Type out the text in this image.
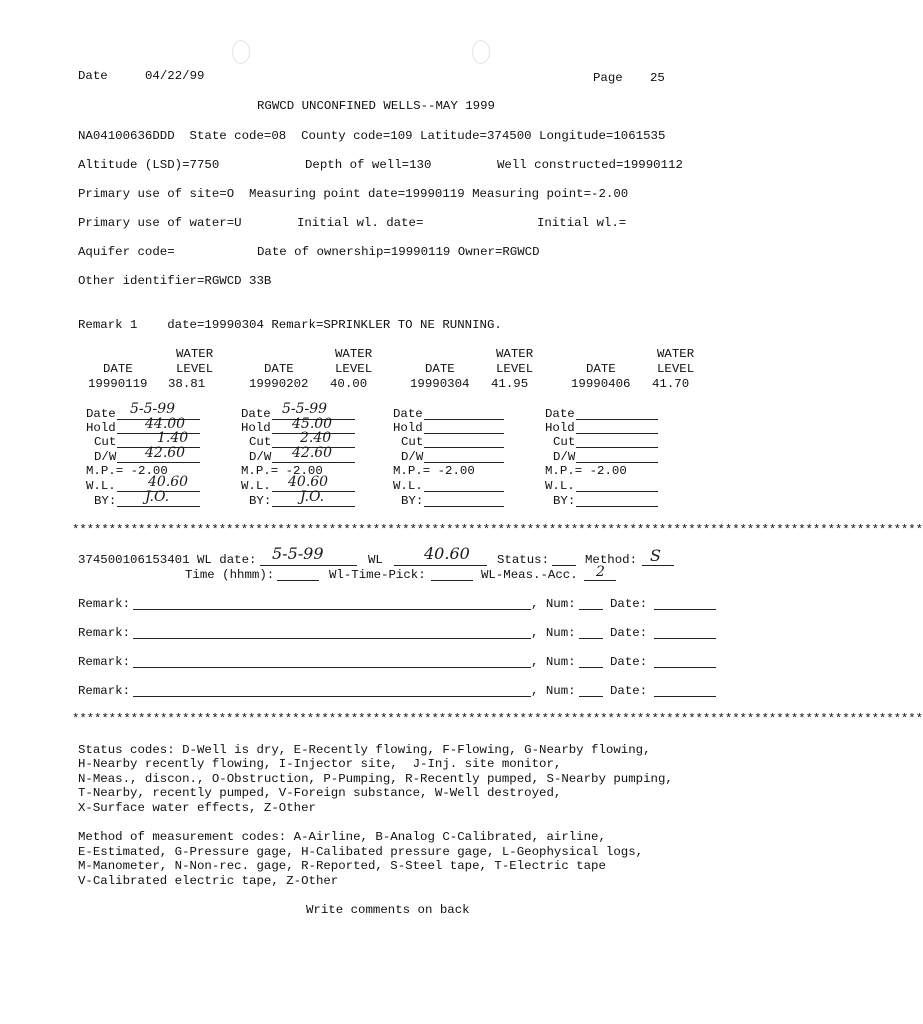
Date	04/22/99	Page 25
RGWCD UNCONFINED WELLS--MAY 1999
NA04100636DDD  State code=08  County code=109 Latitude=374500 Longitude=1061535
Altitude (LSD)=7750	Depth of well=130	Well constructed=19990112
Primary use of site=O  Measuring point date=19990119 Measuring point=-2.00
Primary use of water=U	Initial wl. date=	Initial wl.=
Aquifer code=	Date of ownership=19990119 Owner=RGWCD
Other identifier=RGWCD 33B
Remark 1    date=19990304 Remark=SPRINKLER TO NE RUNNING.
WATER	WATER	WATER	WATER
DATE	LEVEL	DATE	LEVEL	DATE	LEVEL	DATE	LEVEL
19990119 38.81	19990202 40.00	19990304 41.95	19990406 41.70
Date 5-5-99
Hold 44.00
Cut	1.40
D/W 42.60
M.P.= -2.00
W.L. 40.60
BY: J.O.
Date 5-5-99
Hold 45.00
Cut 2.40
D/W 42.60
M.P.= -2.00
W.L. 40.60
BY: J.O.
Date
Hold
Cut
D/W
M.P.= -2.00
W.L.
BY:
Date
Hold
Cut
D/W
M.P.= -2.00
W.L.
BY:
********************************************************************************************************************
374500106153401 WL date: 5-5-99	WL	40.60 Status:	Method: S
Time (hhmm):	Wl-Time-Pick:	WL-Meas.-Acc. 2
Remark:	, Num:	Date:
Remark:	, Num:	Date:
Remark:	, Num:	Date:
Remark:	, Num:	Date:
********************************************************************************************************************
Status codes: D-Well is dry, E-Recently flowing, F-Flowing, G-Nearby flowing,
H-Nearby recently flowing, I-Injector site,  J-Inj. site monitor,
N-Meas., discon., O-Obstruction, P-Pumping, R-Recently pumped, S-Nearby pumping,
T-Nearby, recently pumped, V-Foreign substance, W-Well destroyed,
X-Surface water effects, Z-Other
Method of measurement codes: A-Airline, B-Analog C-Calibrated, airline,
E-Estimated, G-Pressure gage, H-Calibated pressure gage, L-Geophysical logs,
M-Manometer, N-Non-rec. gage, R-Reported, S-Steel tape, T-Electric tape
V-Calibrated electric tape, Z-Other
Write comments on back
